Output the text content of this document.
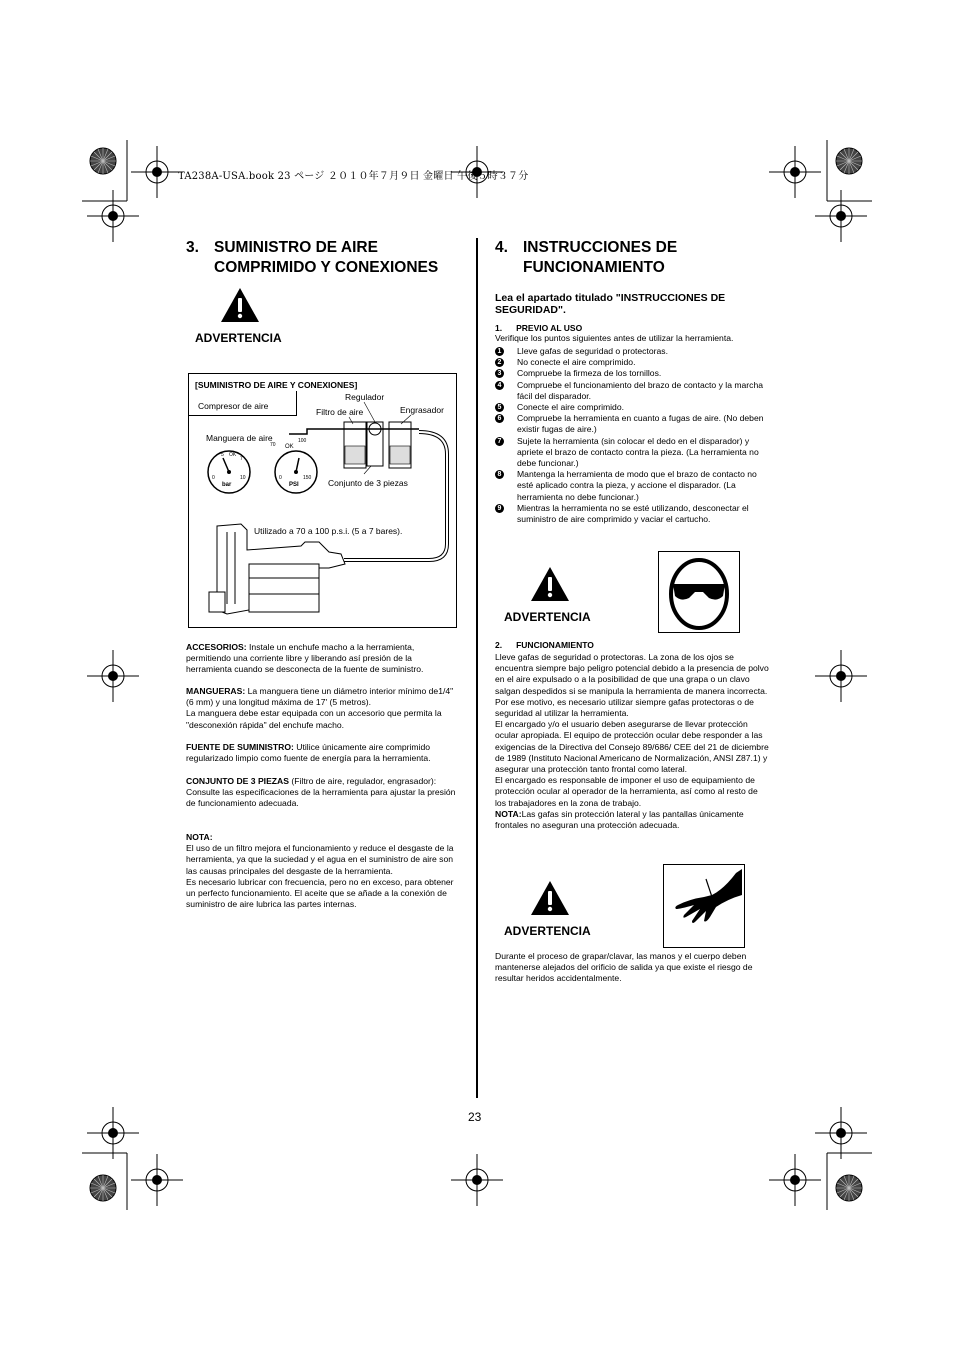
TA238A-USA.book 23 ページ ２０１０年７月９日 金曜日 午後５時３７分
3. SUMINISTRO DE AIRE
COMPRIMIDO Y CONEXIONES
ADVERTENCIA
[SUMINISTRO DE AIRE Y CONEXIONES]
Compresor de aire
Regulador
Filtro de aire	Engrasador
Manguera de aire
Conjunto de 3 piezas
Utilizado a 70 a 100 p.s.i. (5 a 7 bares).
5 OK
7
0	10
bar
70 OK
100
0	150
PSI
ACCESORIOS: Instale un enchufe macho a la herramienta, permitiendo una corriente libre y liberando así presión de la herramienta cuando se desconecta de la fuente de suministro.

MANGUERAS: La manguera tiene un diámetro interior mínimo de1/4" (6 mm) y una longitud máxima de 17' (5 metros).

La manguera debe estar equipada con un accesorio que permita la "desconexión rápida" del enchufe macho.

FUENTE DE SUMINISTRO: Utilice únicamente aire comprimido regularizado limpio como fuente de energía para la herramienta.

CONJUNTO DE 3 PIEZAS (Filtro de aire, regulador, engrasador):

Consulte las especificaciones de la herramienta para ajustar la presión de funcionamiento adecuada.

NOTA:

El uso de un filtro mejora el funcionamiento y reduce el desgaste de la herramienta, ya que la suciedad y el agua en el suministro de aire son las causas principales del desgaste de la herramienta.

Es necesario lubricar con frecuencia, pero no en exceso, para obtener un perfecto funcionamiento. El aceite que se añade a la conexión de suministro de aire lubrica las partes internas.

4. INSTRUCCIONES DE
FUNCIONAMIENTO
Lea el apartado titulado "INSTRUCCIONES DE SEGURIDAD".
1. PREVIO AL USO
Verifique los puntos siguientes antes de utilizar la herramienta.
1 Lleve gafas de seguridad o protectoras.
2 No conecte el aire comprimido.
3 Compruebe la firmeza de los tornillos.
4 Compruebe el funcionamiento del brazo de contacto y la marcha fácil del disparador.
5 Conecte el aire comprimido.
6 Compruebe la herramienta en cuanto a fugas de aire. (No deben existir fugas de aire.)
7 Sujete la herramienta (sin colocar el dedo en el disparador) y apriete el brazo de contacto contra la pieza. (La herramienta no debe funcionar.)
8 Mantenga la herramienta de modo que el brazo de contacto no esté aplicado contra la pieza, y accione el disparador. (La herramienta no debe funcionar.)
9 Mientras la herramienta no se esté utilizando, desconectar el suministro de aire comprimido y vaciar el cartucho.
ADVERTENCIA
2. FUNCIONAMIENTO

Lleve gafas de seguridad o protectoras. La zona de los ojos se encuentra siempre bajo peligro potencial debido a la presencia de polvo en el aire expulsado o a la posibilidad de que una grapa o un clavo salgan despedidos si se manipula la herramienta de manera incorrecta. Por ese motivo, es necesario utilizar siempre gafas protectoras o de seguridad al utilizar la herramienta.

El encargado y/o el usuario deben asegurarse de llevar protección ocular apropiada. El equipo de protección ocular debe responder a las exigencias de la Directiva del Consejo 89/686/ CEE del 21 de diciembre de 1989 (Instituto Nacional Americano de Normalización, ANSI Z87.1) y asegurar una protección tanto frontal como lateral.

El encargado es responsable de imponer el uso de equipamiento de protección ocular al operador de la herramienta, así como al resto de los trabajadores en la zona de trabajo.

NOTA:Las gafas sin protección lateral y las pantallas únicamente frontales no aseguran una protección adecuada.

ADVERTENCIA
Durante el proceso de grapar/clavar, las manos y el cuerpo deben mantenerse alejados del orificio de salida ya que existe el riesgo de resultar heridos accidentalmente.
23
